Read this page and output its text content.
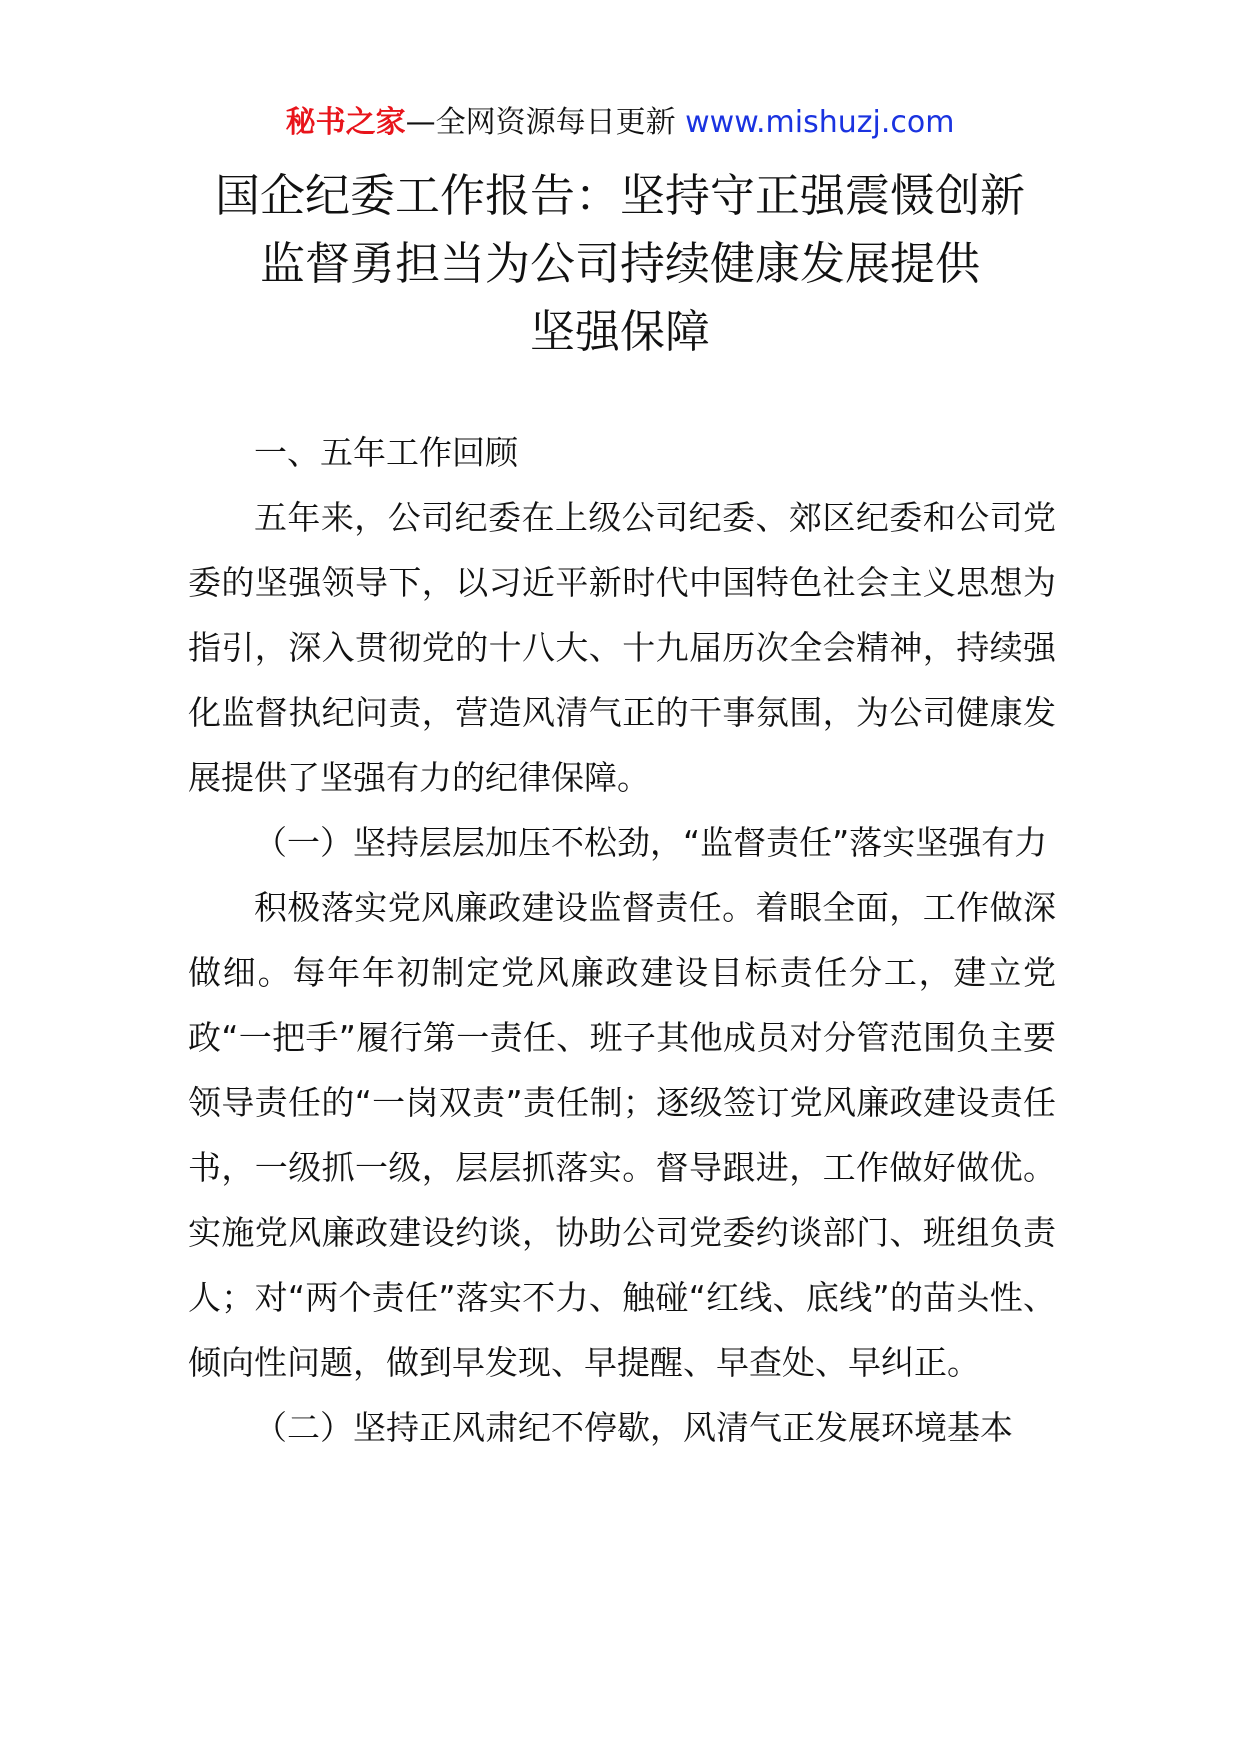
秘书之家—全网资源每日更新 www.mishuzj.com
国企纪委工作报告：坚持守正强震慑创新
监督勇担当为公司持续健康发展提供
坚强保障

一、五年工作回顾

五年来，公司纪委在上级公司纪委、郊区纪委和公司党委的坚强领导下，以习近平新时代中国特色社会主义思想为指引，深入贯彻党的十八大、十九届历次全会精神，持续强化监督执纪问责，营造风清气正的干事氛围，为公司健康发展提供了坚强有力的纪律保障。

（一）坚持层层加压不松劲，“监督责任”落实坚强有力

积极落实党风廉政建设监督责任。着眼全面，工作做深做细。每年年初制定党风廉政建设目标责任分工，建立党政“一把手”履行第一责任、班子其他成员对分管范围负主要领导责任的“一岗双责”责任制；逐级签订党风廉政建设责任书，一级抓一级，层层抓落实。督导跟进，工作做好做优。实施党风廉政建设约谈，协助公司党委约谈部门、班组负责人；对“两个责任”落实不力、触碰“红线、底线”的苗头性、倾向性问题，做到早发现、早提醒、早查处、早纠正。

（二）坚持正风肃纪不停歇，风清气正发展环境基本
